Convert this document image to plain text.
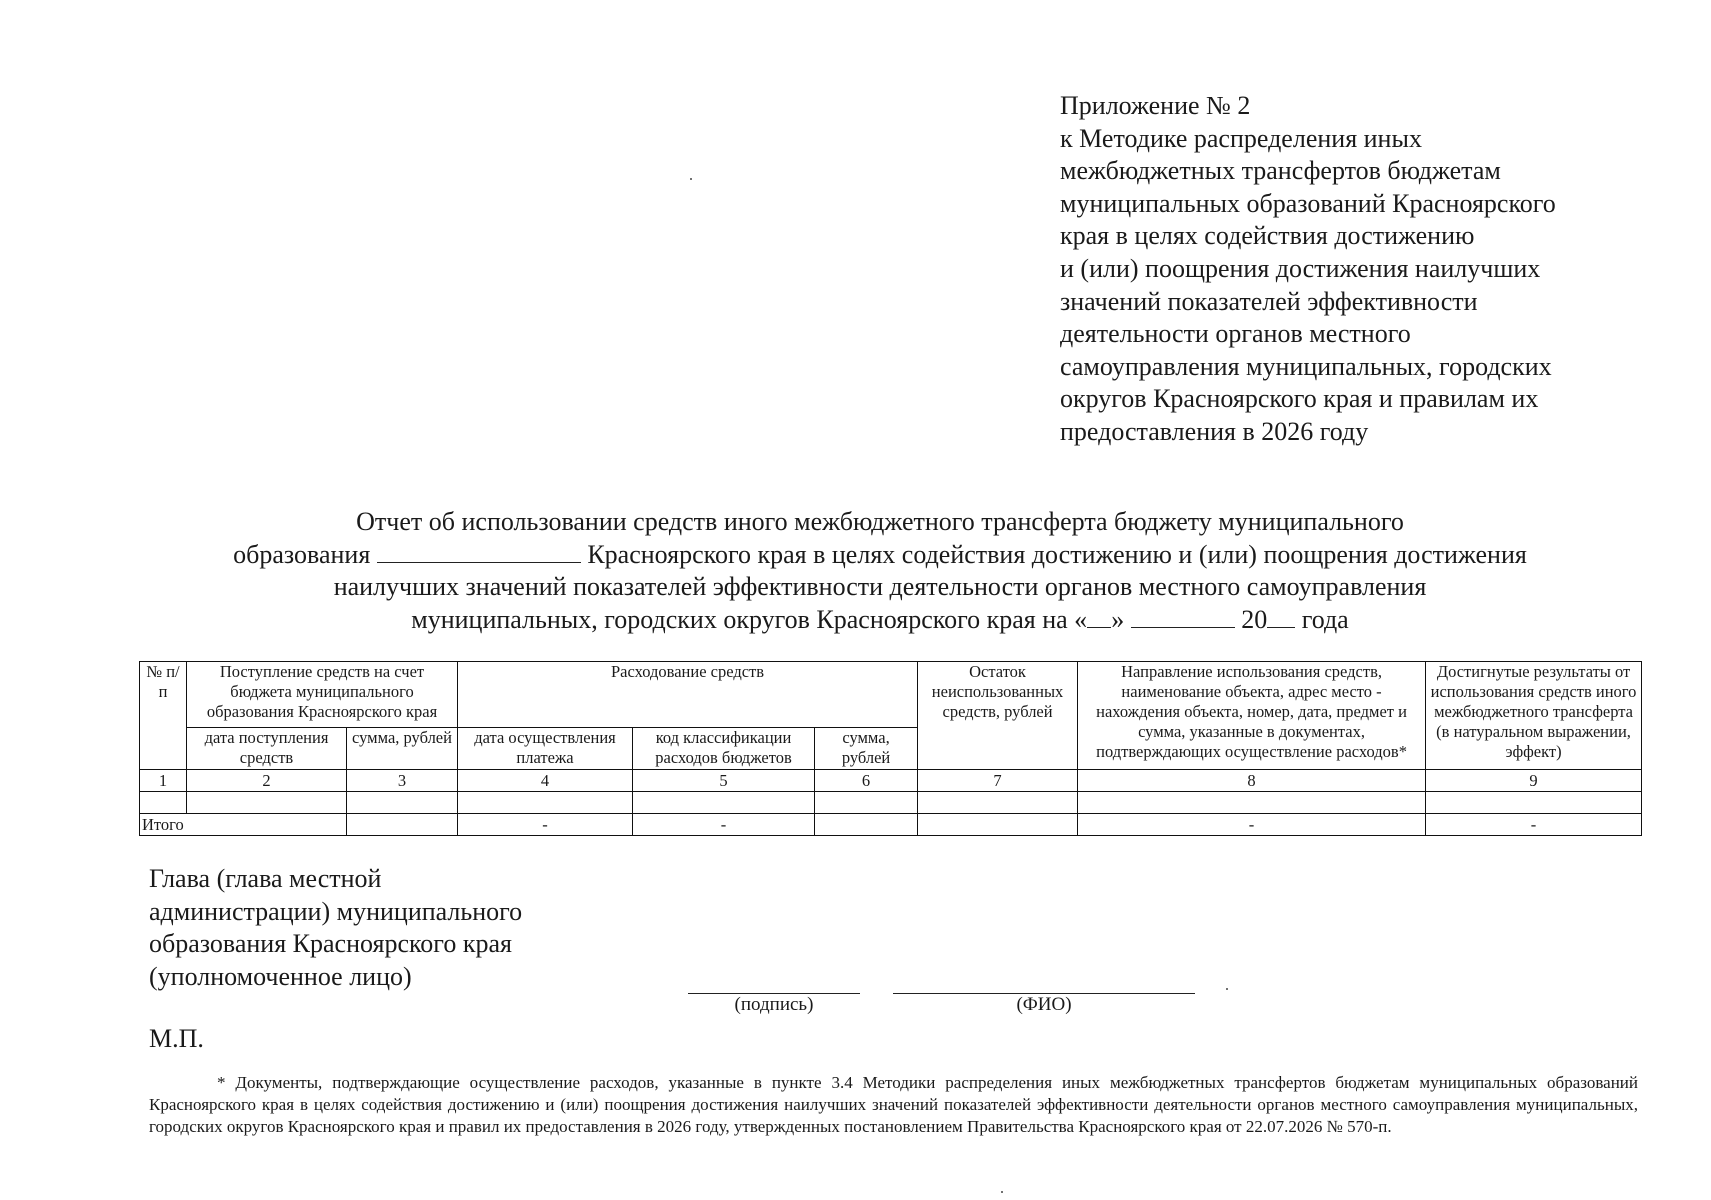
Приложение № 2
к Методике распределения иных
межбюджетных трансфертов бюджетам
муниципальных образований Красноярского
края в целях содействия достижению
и (или) поощрения достижения наилучших
значений показателей эффективности
деятельности органов местного
самоуправления муниципальных, городских
округов Красноярского края и правилам их
предоставления в 2026 году
Отчет об использовании средств иного межбюджетного трансферта бюджету муниципального
образования	Красноярского края в целях содействия достижению и (или) поощрения достижения
наилучших значений показателей эффективности деятельности органов местного самоуправления
муниципальных, городских округов Красноярского края на « »	20 года
№ п/п	Поступление средств на счет бюджета муниципального образования Красноярского края		Расходование средств			Остаток неиспользованных средств, рублей	Направление использования средств, наименование объекта, адрес место - нахождения объекта, номер, дата, предмет и сумма, указанные в документах, подтверждающих осуществление расходов*	Достигнутые результаты от использования средств иного межбюджетного трансферта (в натуральном выражении, эффект)
	дата поступления средств	сумма, рублей	дата осуществления платежа	код классификации расходов бюджетов	сумма, рублей			
1	2	3	4	5	6	7	8	9

Итого			-	-			-	-
Глава (глава местной
администрации) муниципального
образования Красноярского края
(уполномоченное лицо)
(подпись)	(ФИО)
М.П.
* Документы, подтверждающие осуществление расходов, указанные в пункте 3.4 Методики распределения иных межбюджетных трансфертов бюджетам муниципальных образований Красноярского края в целях содействия достижению и (или) поощрения достижения наилучших значений показателей эффективности деятельности органов местного самоуправления муниципальных, городских округов Красноярского края и правил их предоставления в 2026 году, утвержденных постановлением Правительства Красноярского края от 22.07.2026 № 570-п.
